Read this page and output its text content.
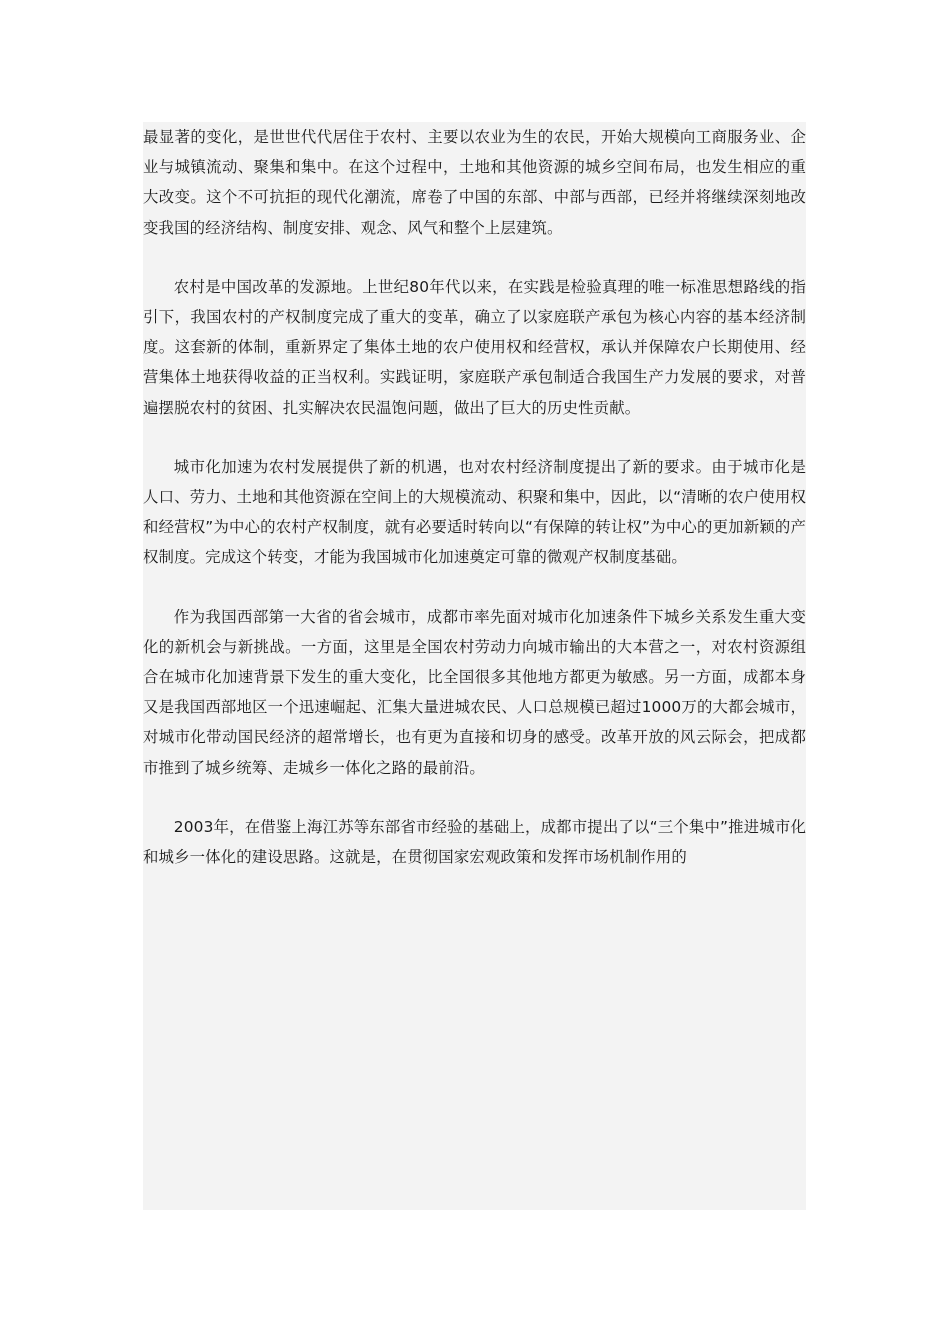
最显著的变化，是世世代代居住于农村、主要以农业为生的农民，开始大规模向工商服务业、企业与城镇流动、聚集和集中。在这个过程中，土地和其他资源的城乡空间布局，也发生相应的重大改变。这个不可抗拒的现代化潮流，席卷了中国的东部、中部与西部，已经并将继续深刻地改变我国的经济结构、制度安排、观念、风气和整个上层建筑。

农村是中国改革的发源地。上世纪80年代以来，在实践是检验真理的唯一标准思想路线的指引下，我国农村的产权制度完成了重大的变革，确立了以家庭联产承包为核心内容的基本经济制度。这套新的体制，重新界定了集体土地的农户使用权和经营权，承认并保障农户长期使用、经营集体土地获得收益的正当权利。实践证明，家庭联产承包制适合我国生产力发展的要求，对普遍摆脱农村的贫困、扎实解决农民温饱问题，做出了巨大的历史性贡献。

城市化加速为农村发展提供了新的机遇，也对农村经济制度提出了新的要求。由于城市化是人口、劳力、土地和其他资源在空间上的大规模流动、积聚和集中，因此，以“清晰的农户使用权和经营权”为中心的农村产权制度，就有必要适时转向以“有保障的转让权”为中心的更加新颖的产权制度。完成这个转变，才能为我国城市化加速奠定可靠的微观产权制度基础。

作为我国西部第一大省的省会城市，成都市率先面对城市化加速条件下城乡关系发生重大变化的新机会与新挑战。一方面，这里是全国农村劳动力向城市输出的大本营之一，对农村资源组合在城市化加速背景下发生的重大变化，比全国很多其他地方都更为敏感。另一方面，成都本身又是我国西部地区一个迅速崛起、汇集大量进城农民、人口总规模已超过1000万的大都会城市，对城市化带动国民经济的超常增长，也有更为直接和切身的感受。改革开放的风云际会，把成都市推到了城乡统筹、走城乡一体化之路的最前沿。

2003年，在借鉴上海江苏等东部省市经验的基础上，成都市提出了以“三个集中”推进城市化和城乡一体化的建设思路。这就是，在贯彻国家宏观政策和发挥市场机制作用的
